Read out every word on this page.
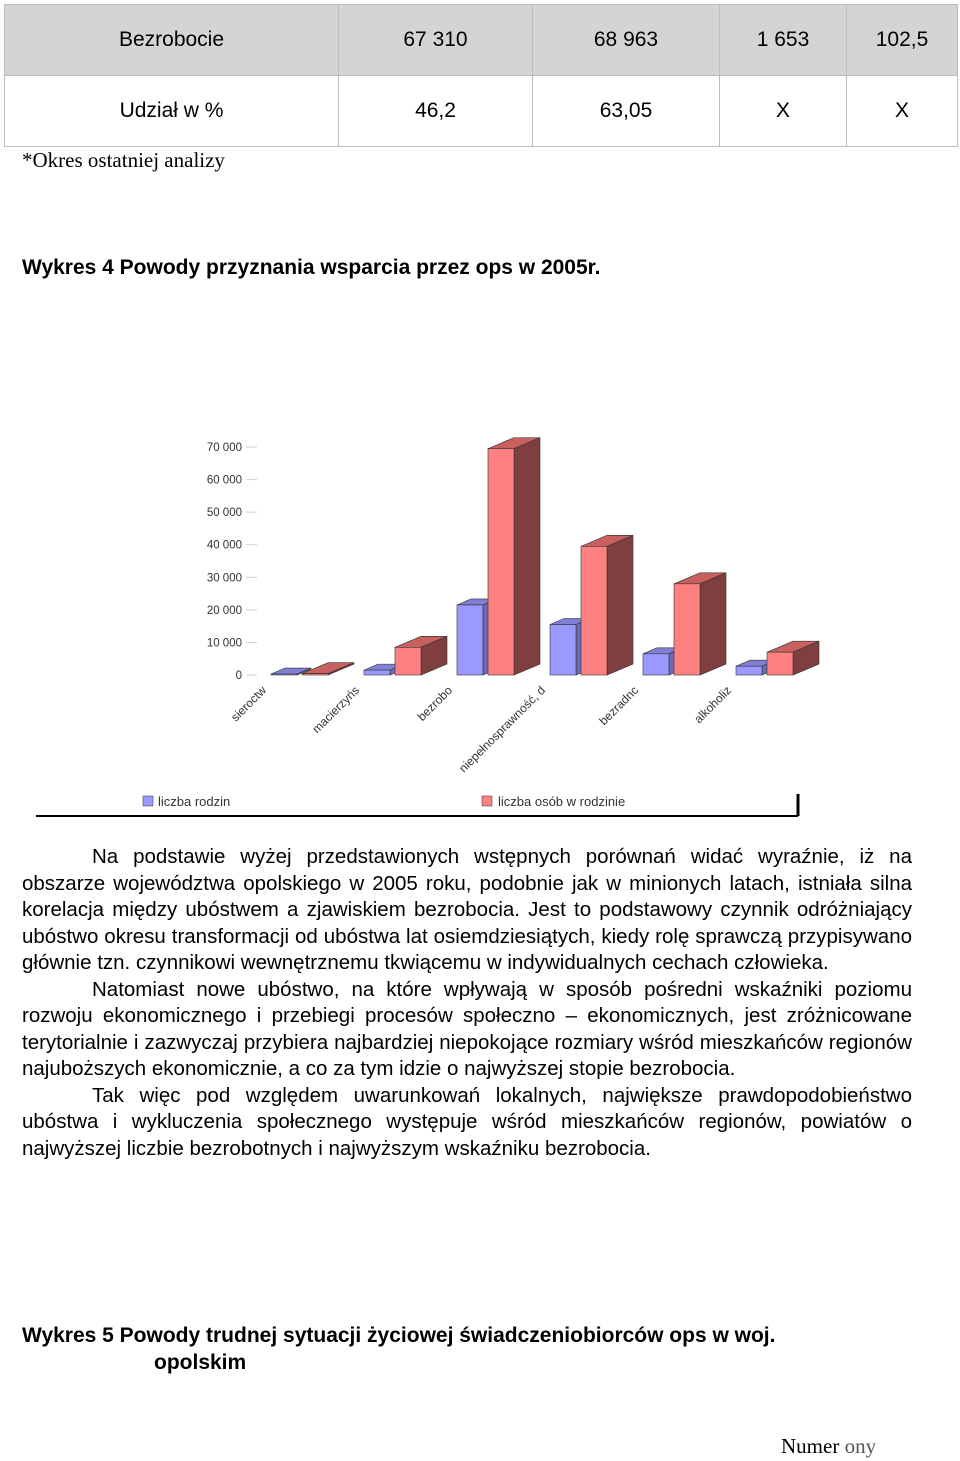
Bezrobocie	67 310	68 963	1 653	102,5
Udział w %	46,2	63,05	X	X
*Okres ostatniej analizy
Wykres 4 Powody przyznania wsparcia przez ops w 2005r.
0
10 000
20 000
30 000
40 000
50 000
60 000
70 000
sieroctw	macierzyńs	bezrobo niepełnosprawność, d	bezradnc	alkoholiz
liczba rodzin	liczba osób w rodzinie

Na podstawie wyżej przedstawionych wstępnych porównań widać wyraźnie, iż na obszarze województwa opolskiego w 2005 roku, podobnie jak w minionych latach, istniała silna korelacja między ubóstwem a zjawiskiem bezrobocia. Jest to podstawowy czynnik odróżniający ubóstwo okresu transformacji od ubóstwa lat osiemdziesiątych, kiedy rolę sprawczą przypisywano głównie tzn. czynnikowi wewnętrznemu tkwiącemu w indywidualnych cechach człowieka.

Natomiast nowe ubóstwo, na które wpływają w sposób pośredni wskaźniki poziomu rozwoju ekonomicznego i przebiegi procesów społeczno – ekonomicznych, jest zróżnicowane terytorialnie i zazwyczaj przybiera najbardziej niepokojące rozmiary wśród mieszkańców regionów najuboższych ekonomicznie, a co za tym idzie o najwyższej stopie bezrobocia.

Tak więc pod względem uwarunkowań lokalnych, największe prawdopodobieństwo ubóstwa i wykluczenia społecznego występuje wśród mieszkańców regionów, powiatów o najwyższej liczbie bezrobotnych i najwyższym wskaźniku bezrobocia.

Wykres 5 Powody trudnej sytuacji życiowej świadczeniobiorców ops w woj.
opolskim
Numer ony
